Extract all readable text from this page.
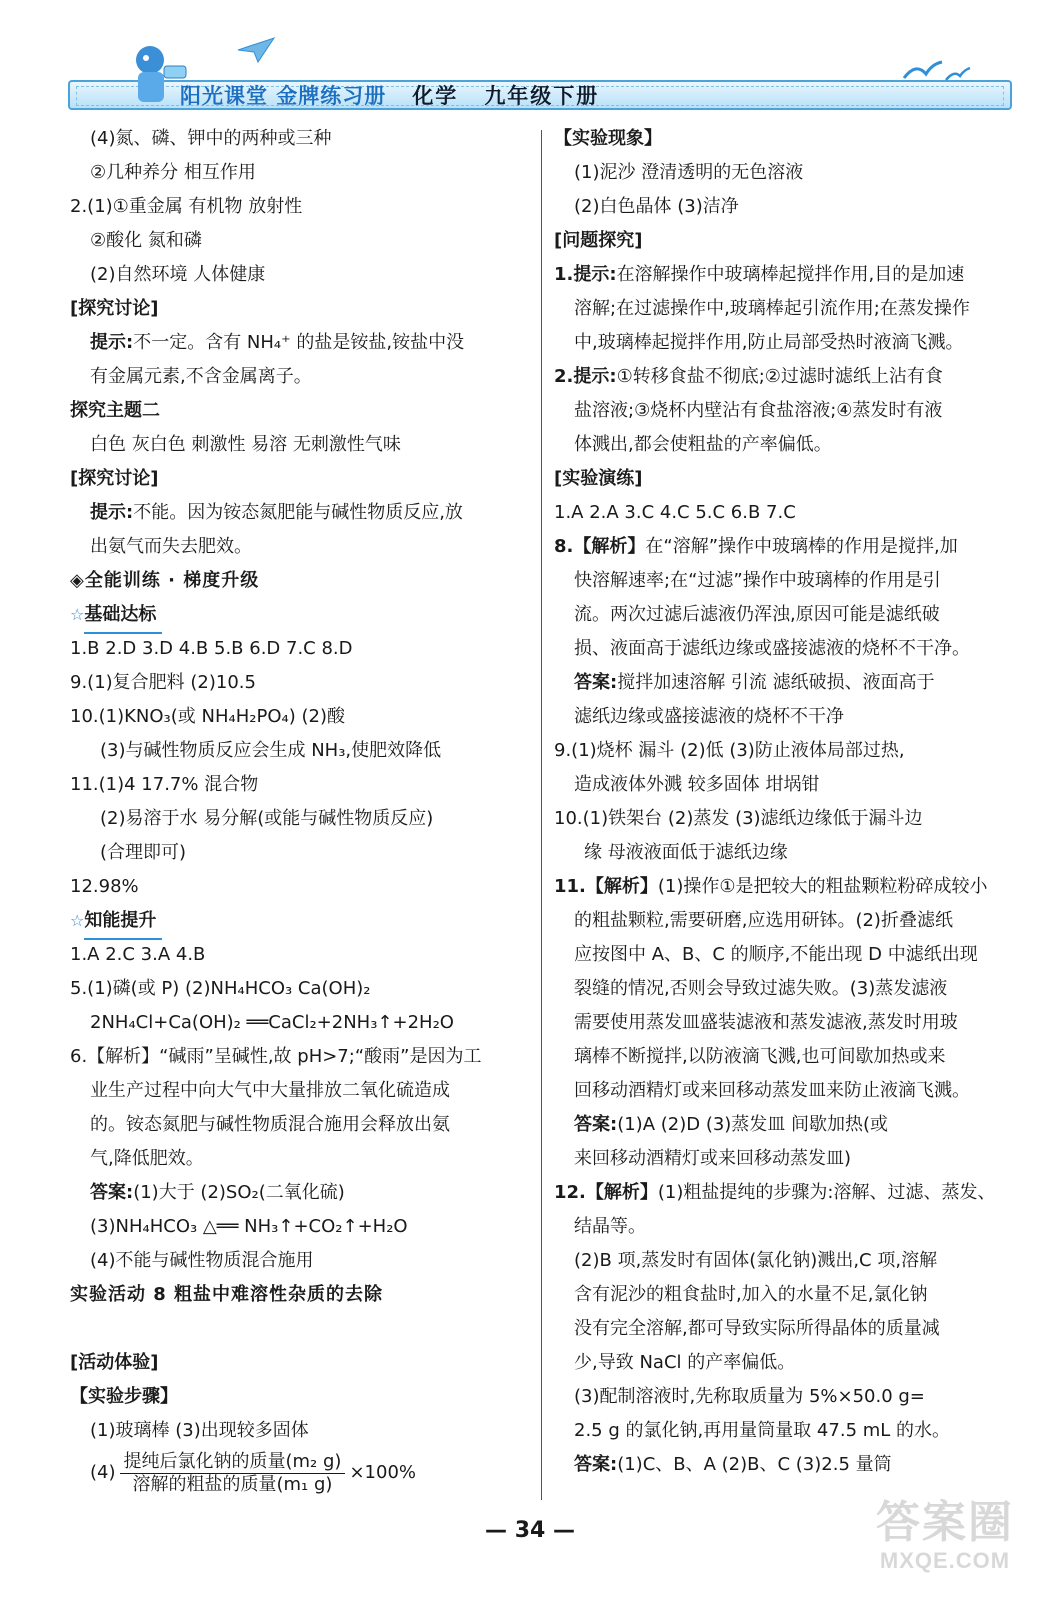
阳光课堂 金牌练习册 化学 九年级下册
(4)氮、磷、钾中的两种或三种
②几种养分 相互作用
2.(1)①重金属 有机物 放射性
②酸化 氮和磷
(2)自然环境 人体健康
[探究讨论]
提示:不一定。含有 NH₄⁺ 的盐是铵盐,铵盐中没
有金属元素,不含金属离子。
探究主题二
白色 灰白色 刺激性 易溶 无刺激性气味
[探究讨论]
提示:不能。因为铵态氮肥能与碱性物质反应,放
出氨气而失去肥效。
◈全能训练 · 梯度升级
☆基础达标
1.B 2.D 3.D 4.B 5.B 6.D 7.C 8.D
9.(1)复合肥料 (2)10.5
10.(1)KNO₃(或 NH₄H₂PO₄) (2)酸
(3)与碱性物质反应会生成 NH₃,使肥效降低
11.(1)4 17.7% 混合物
(2)易溶于水 易分解(或能与碱性物质反应)
(合理即可)
12.98%
☆知能提升
1.A 2.C 3.A 4.B
5.(1)磷(或 P) (2)NH₄HCO₃ Ca(OH)₂
2NH₄Cl+Ca(OH)₂ ══CaCl₂+2NH₃↑+2H₂O
6.【解析】“碱雨”呈碱性,故 pH>7;“酸雨”是因为工
业生产过程中向大气中大量排放二氧化硫造成
的。铵态氮肥与碱性物质混合施用会释放出氨
气,降低肥效。
答案:(1)大于 (2)SO₂(二氧化硫)
(3)NH₄HCO₃ △══ NH₃↑+CO₂↑+H₂O
(4)不能与碱性物质混合施用
实验活动 8 粗盐中难溶性杂质的去除
[活动体验]
【实验步骤】
(1)玻璃棒 (3)出现较多固体
$(4) \frac{\text{提纯后氯化钠的质量(m₂ g)}}{\text{溶解的粗盐的质量(m₁ g)}} \times 100\%$
【实验现象】
(1)泥沙 澄清透明的无色溶液
(2)白色晶体 (3)洁净
[问题探究]
1.提示:在溶解操作中玻璃棒起搅拌作用,目的是加速
溶解;在过滤操作中,玻璃棒起引流作用;在蒸发操作
中,玻璃棒起搅拌作用,防止局部受热时液滴飞溅。
2.提示:①转移食盐不彻底;②过滤时滤纸上沾有食
盐溶液;③烧杯内壁沾有食盐溶液;④蒸发时有液
体溅出,都会使粗盐的产率偏低。
[实验演练]
1.A 2.A 3.C 4.C 5.C 6.B 7.C
8.【解析】在“溶解”操作中玻璃棒的作用是搅拌,加
快溶解速率;在“过滤”操作中玻璃棒的作用是引
流。两次过滤后滤液仍浑浊,原因可能是滤纸破
损、液面高于滤纸边缘或盛接滤液的烧杯不干净。
答案:搅拌加速溶解 引流 滤纸破损、液面高于
滤纸边缘或盛接滤液的烧杯不干净
9.(1)烧杯 漏斗 (2)低 (3)防止液体局部过热,
造成液体外溅 较多固体 坩埚钳
10.(1)铁架台 (2)蒸发 (3)滤纸边缘低于漏斗边
缘 母液液面低于滤纸边缘
11.【解析】(1)操作①是把较大的粗盐颗粒粉碎成较小
的粗盐颗粒,需要研磨,应选用研钵。(2)折叠滤纸
应按图中 A、B、C 的顺序,不能出现 D 中滤纸出现
裂缝的情况,否则会导致过滤失败。(3)蒸发滤液
需要使用蒸发皿盛装滤液和蒸发滤液,蒸发时用玻
璃棒不断搅拌,以防液滴飞溅,也可间歇加热或来
回移动酒精灯或来回移动蒸发皿来防止液滴飞溅。
答案:(1)A (2)D (3)蒸发皿 间歇加热(或
来回移动酒精灯或来回移动蒸发皿)
12.【解析】(1)粗盐提纯的步骤为:溶解、过滤、蒸发、
结晶等。
(2)B 项,蒸发时有固体(氯化钠)溅出,C 项,溶解
含有泥沙的粗食盐时,加入的水量不足,氯化钠
没有完全溶解,都可导致实际所得晶体的质量减
少,导致 NaCl 的产率偏低。
(3)配制溶液时,先称取质量为 5%×50.0 g=
2.5 g 的氯化钠,再用量筒量取 47.5 mL 的水。
答案:(1)C、B、A (2)B、C (3)2.5 量筒
— 34 —	答案圈
MXQE.COM
